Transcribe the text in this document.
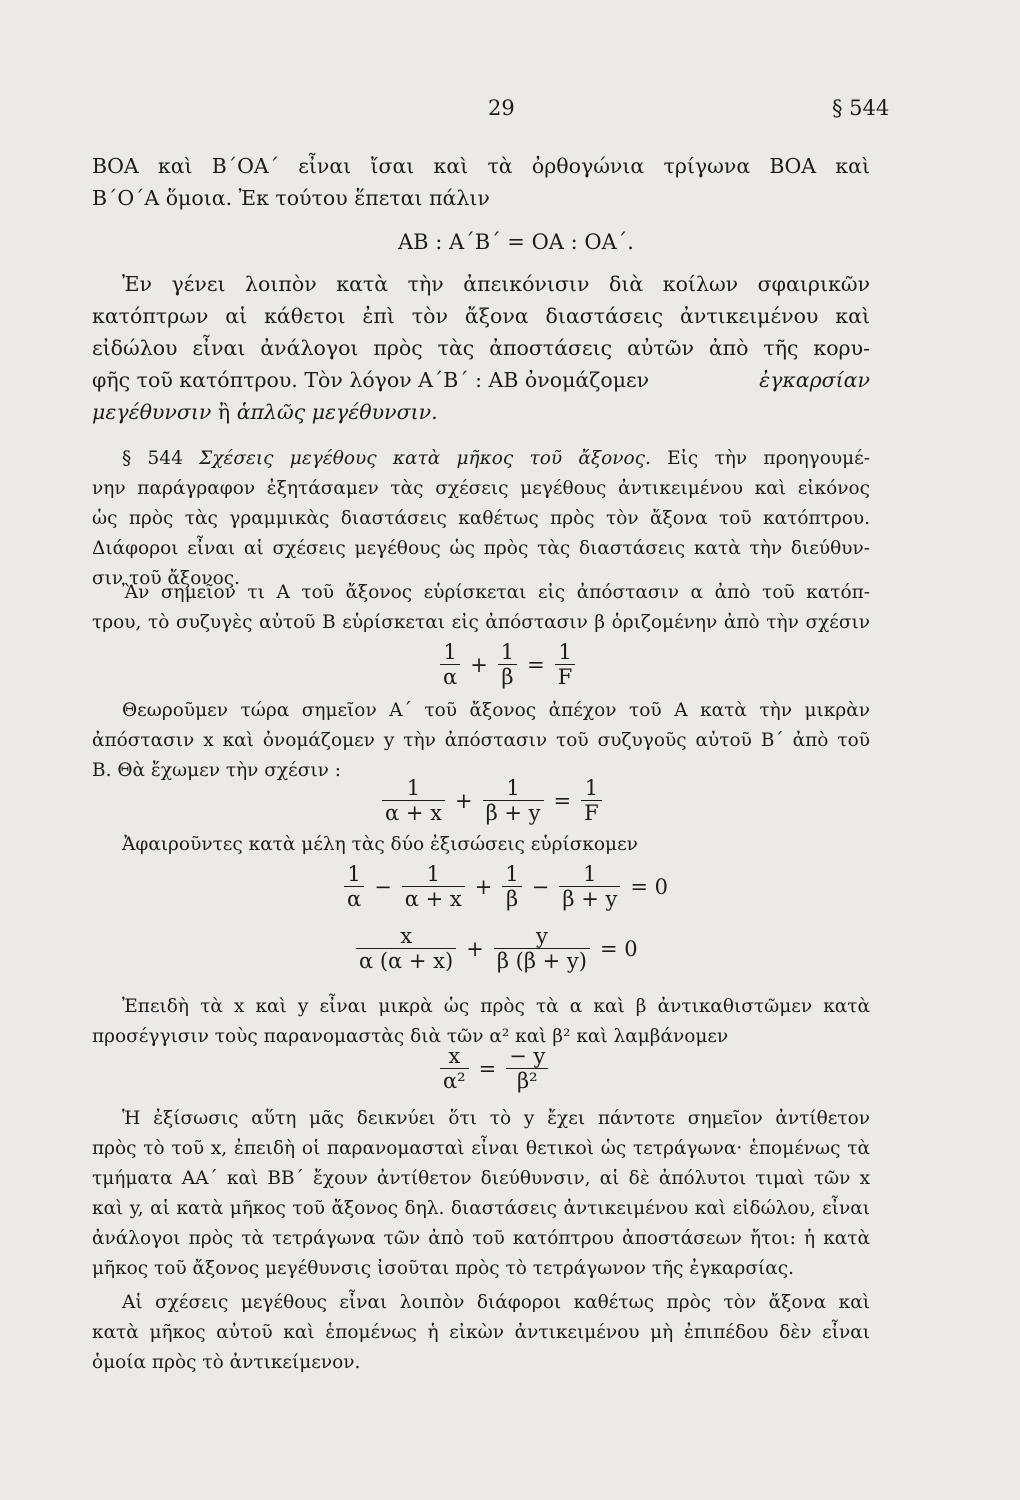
29	§ 544
ΒΟΑ καὶ Β΄ΟΑ΄ εἶναι ἴσαι καὶ τὰ ὀρθογώνια τρίγωνα ΒΟΑ καὶ
Β΄Ο΄Α ὅμοια. Ἐκ τούτου ἕπεται πάλιν
ΑΒ : Α΄Β΄ = ΟΑ : ΟΑ΄.
Ἐν γένει λοιπὸν κατὰ τὴν ἀπεικόνισιν διὰ κοίλων σφαιρικῶν
κατόπτρων αἱ κάθετοι ἐπὶ τὸν ἄξονα διαστάσεις ἀντικειμένου καὶ
εἰδώλου εἶναι ἀνάλογοι πρὸς τὰς ἀποστάσεις αὐτῶν ἀπὸ τῆς κορυ-
φῆς τοῦ κατόπτρου. Τὸν λόγον Α΄Β΄ : ΑΒ ὀνομάζομεν	ἐγκαρσίαν
μεγέθυνσιν ἢ ἁπλῶς μεγέθυνσιν.
§ 544 Σχέσεις μεγέθους κατὰ μῆκος τοῦ ἄξονος. Εἰς τὴν προηγουμέ-
νην παράγραφον ἐξητάσαμεν τὰς σχέσεις μεγέθους ἀντικειμένου καὶ εἰκόνος
ὡς πρὸς τὰς γραμμικὰς διαστάσεις καθέτως πρὸς τὸν ἄξονα τοῦ κατόπτρου.
Διάφοροι εἶναι αἱ σχέσεις μεγέθους ὡς πρὸς τὰς διαστάσεις κατὰ τὴν διεύθυν-
σιν τοῦ ἄξονος.
Ἂν σημεῖον τι Α τοῦ ἄξονος εὑρίσκεται εἰς ἀπόστασιν α ἀπὸ τοῦ κατόπ-
τρου, τὸ συζυγὲς αὐτοῦ Β εὑρίσκεται εἰς ἀπόστασιν β ὁριζομένην ἀπὸ τὴν σχέσιν
$\frac{1}{\alpha} + \frac{1}{\beta} = \frac{1}{F}$
Θεωροῦμεν τώρα σημεῖον Α΄ τοῦ ἄξονος ἀπέχον τοῦ Α κατὰ τὴν μικρὰν
ἀπόστασιν x καὶ ὀνομάζομεν y τὴν ἀπόστασιν τοῦ συζυγοῦς αὐτοῦ Β΄ ἀπὸ τοῦ
Β. Θὰ ἔχωμεν τὴν σχέσιν :
$\frac{1}{\alpha + x} + \frac{1}{\beta + y} = \frac{1}{F}$
Ἀφαιροῦντες κατὰ μέλη τὰς δύο ἐξισώσεις εὑρίσκομεν
$\frac{1}{\alpha} - \frac{1}{\alpha + x} + \frac{1}{\beta} - \frac{1}{\beta + y} = 0$
$\frac{x}{\alpha (\alpha + x)} + \frac{y}{\beta (\beta + y)} = 0$
Ἐπειδὴ τὰ x καὶ y εἶναι μικρὰ ὡς πρὸς τὰ α καὶ β ἀντικαθιστῶμεν κατὰ
προσέγγισιν τοὺς παρανομαστὰς διὰ τῶν α² καὶ β² καὶ λαμβάνομεν
$\frac{x}{\text{α²}} = \frac{- y}{\text{β²}}$
Ἡ ἐξίσωσις αὕτη μᾶς δεικνύει ὅτι τὸ y ἔχει πάντοτε σημεῖον ἀντίθετον
πρὸς τὸ τοῦ x, ἐπειδὴ οἱ παρανομασταὶ εἶναι θετικοὶ ὡς τετράγωνα· ἑπομένως τὰ
τμήματα ΑΑ΄ καὶ ΒΒ΄ ἔχουν ἀντίθετον διεύθυνσιν, αἱ δὲ ἀπόλυτοι τιμαὶ τῶν x
καὶ y, αἱ κατὰ μῆκος τοῦ ἄξονος δηλ. διαστάσεις ἀντικειμένου καὶ εἰδώλου, εἶναι
ἀνάλογοι πρὸς τὰ τετράγωνα τῶν ἀπὸ τοῦ κατόπτρου ἀποστάσεων ἤτοι: ἡ κατὰ
μῆκος τοῦ ἄξονος μεγέθυνσις ἰσοῦται πρὸς τὸ τετράγωνον τῆς ἐγκαρσίας.
Αἱ σχέσεις μεγέθους εἶναι λοιπὸν διάφοροι καθέτως πρὸς τὸν ἄξονα καὶ
κατὰ μῆκος αὐτοῦ καὶ ἑπομένως ἡ εἰκὼν ἀντικειμένου μὴ ἐπιπέδου δὲν εἶναι
ὁμοία πρὸς τὸ ἀντικείμενον.
